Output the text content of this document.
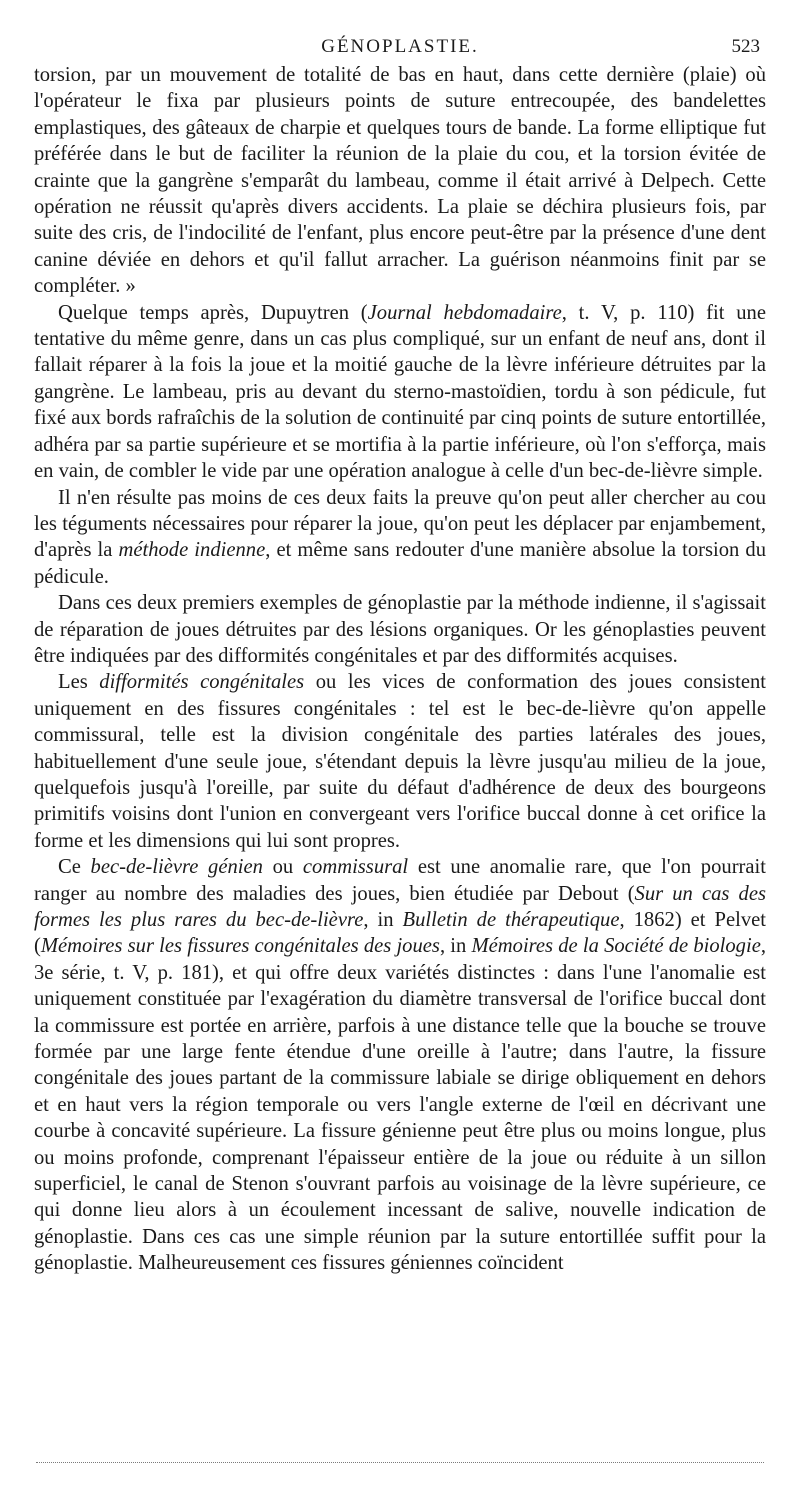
GÉNOPLASTIE.	523

torsion, par un mouvement de totalité de bas en haut, dans cette dernière (plaie) où l'opérateur le fixa par plusieurs points de suture entrecoupée, des bandelettes emplastiques, des gâteaux de charpie et quelques tours de bande. La forme elliptique fut préférée dans le but de faciliter la réunion de la plaie du cou, et la torsion évitée de crainte que la gangrène s'emparât du lambeau, comme il était arrivé à Delpech. Cette opération ne réussit qu'après divers accidents. La plaie se déchira plusieurs fois, par suite des cris, de l'indocilité de l'enfant, plus encore peut-être par la présence d'une dent canine déviée en dehors et qu'il fallut arracher. La guérison néanmoins finit par se compléter. »

Quelque temps après, Dupuytren (Journal hebdomadaire, t. V, p. 110) fit une tentative du même genre, dans un cas plus compliqué, sur un enfant de neuf ans, dont il fallait réparer à la fois la joue et la moitié gauche de la lèvre inférieure détruites par la gangrène. Le lambeau, pris au devant du sterno-mastoïdien, tordu à son pédicule, fut fixé aux bords rafraîchis de la solution de continuité par cinq points de suture entortillée, adhéra par sa partie supérieure et se mortifia à la partie inférieure, où l'on s'efforça, mais en vain, de combler le vide par une opération analogue à celle d'un bec-de-lièvre simple.

Il n'en résulte pas moins de ces deux faits la preuve qu'on peut aller chercher au cou les téguments nécessaires pour réparer la joue, qu'on peut les déplacer par enjambement, d'après la méthode indienne, et même sans redouter d'une manière absolue la torsion du pédicule.

Dans ces deux premiers exemples de génoplastie par la méthode indienne, il s'agissait de réparation de joues détruites par des lésions organiques. Or les génoplasties peuvent être indiquées par des difformités congénitales et par des difformités acquises.

Les difformités congénitales ou les vices de conformation des joues consistent uniquement en des fissures congénitales : tel est le bec-de-lièvre qu'on appelle commissural, telle est la division congénitale des parties latérales des joues, habituellement d'une seule joue, s'étendant depuis la lèvre jusqu'au milieu de la joue, quelquefois jusqu'à l'oreille, par suite du défaut d'adhérence de deux des bourgeons primitifs voisins dont l'union en convergeant vers l'orifice buccal donne à cet orifice la forme et les dimensions qui lui sont propres.

Ce bec-de-lièvre génien ou commissural est une anomalie rare, que l'on pourrait ranger au nombre des maladies des joues, bien étudiée par Debout (Sur un cas des formes les plus rares du bec-de-lièvre, in Bulletin de thérapeutique, 1862) et Pelvet (Mémoires sur les fissures congénitales des joues, in Mémoires de la Société de biologie, 3e série, t. V, p. 181), et qui offre deux variétés distinctes : dans l'une l'anomalie est uniquement constituée par l'exagération du diamètre transversal de l'orifice buccal dont la commissure est portée en arrière, parfois à une distance telle que la bouche se trouve formée par une large fente étendue d'une oreille à l'autre; dans l'autre, la fissure congénitale des joues partant de la commissure labiale se dirige obliquement en dehors et en haut vers la région temporale ou vers l'angle externe de l'œil en décrivant une courbe à concavité supérieure. La fissure génienne peut être plus ou moins longue, plus ou moins profonde, comprenant l'épaisseur entière de la joue ou réduite à un sillon superficiel, le canal de Stenon s'ouvrant parfois au voisinage de la lèvre supérieure, ce qui donne lieu alors à un écoulement incessant de salive, nouvelle indication de génoplastie. Dans ces cas une simple réunion par la suture entortillée suffit pour la génoplastie. Malheureusement ces fissures géniennes coïncident
